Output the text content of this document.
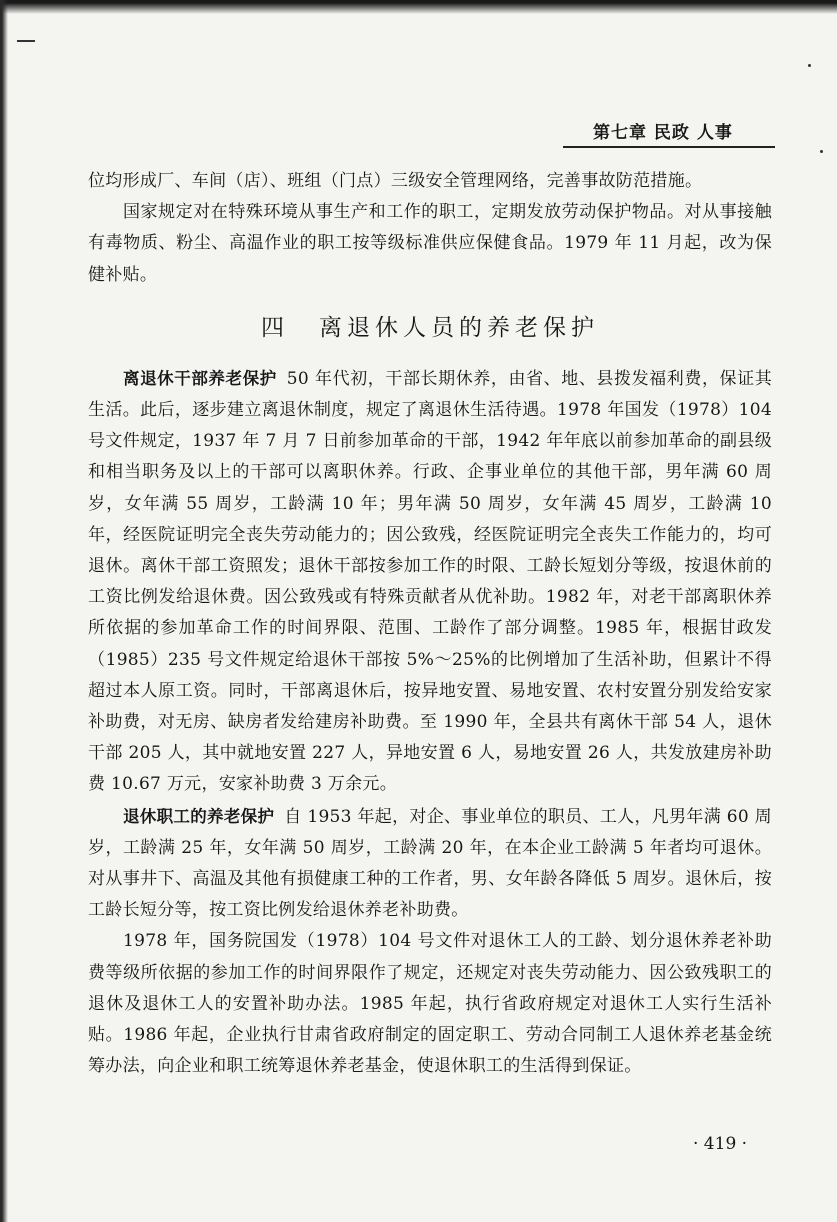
第七章 民政 人事

位均形成厂、车间（店）、班组（门点）三级安全管理网络，完善事故防范措施。

国家规定对在特殊环境从事生产和工作的职工，定期发放劳动保护物品。对从事接触有毒物质、粉尘、高温作业的职工按等级标准供应保健食品。1979 年 11 月起，改为保健补贴。

四 离退休人员的养老保护

离退休干部养老保护 50 年代初，干部长期休养，由省、地、县拨发福利费，保证其生活。此后，逐步建立离退休制度，规定了离退休生活待遇。1978 年国发（1978）104 号文件规定，1937 年 7 月 7 日前参加革命的干部，1942 年年底以前参加革命的副县级和相当职务及以上的干部可以离职休养。行政、企事业单位的其他干部，男年满 60 周岁，女年满 55 周岁，工龄满 10 年；男年满 50 周岁，女年满 45 周岁，工龄满 10 年，经医院证明完全丧失劳动能力的；因公致残，经医院证明完全丧失工作能力的，均可退休。离休干部工资照发；退休干部按参加工作的时限、工龄长短划分等级，按退休前的工资比例发给退休费。因公致残或有特殊贡献者从优补助。1982 年，对老干部离职休养所依据的参加革命工作的时间界限、范围、工龄作了部分调整。1985 年，根据甘政发（1985）235 号文件规定给退休干部按 5%～25%的比例增加了生活补助，但累计不得超过本人原工资。同时，干部离退休后，按异地安置、易地安置、农村安置分别发给安家补助费，对无房、缺房者发给建房补助费。至 1990 年，全县共有离休干部 54 人，退休干部 205 人，其中就地安置 227 人，异地安置 6 人，易地安置 26 人，共发放建房补助费 10.67 万元，安家补助费 3 万余元。

退休职工的养老保护 自 1953 年起，对企、事业单位的职员、工人，凡男年满 60 周岁，工龄满 25 年，女年满 50 周岁，工龄满 20 年，在本企业工龄满 5 年者均可退休。对从事井下、高温及其他有损健康工种的工作者，男、女年龄各降低 5 周岁。退休后，按工龄长短分等，按工资比例发给退休养老补助费。

1978 年，国务院国发（1978）104 号文件对退休工人的工龄、划分退休养老补助费等级所依据的参加工作的时间界限作了规定，还规定对丧失劳动能力、因公致残职工的退休及退休工人的安置补助办法。1985 年起，执行省政府规定对退休工人实行生活补贴。1986 年起，企业执行甘肃省政府制定的固定职工、劳动合同制工人退休养老基金统筹办法，向企业和职工统筹退休养老基金，使退休职工的生活得到保证。

· 419 ·
